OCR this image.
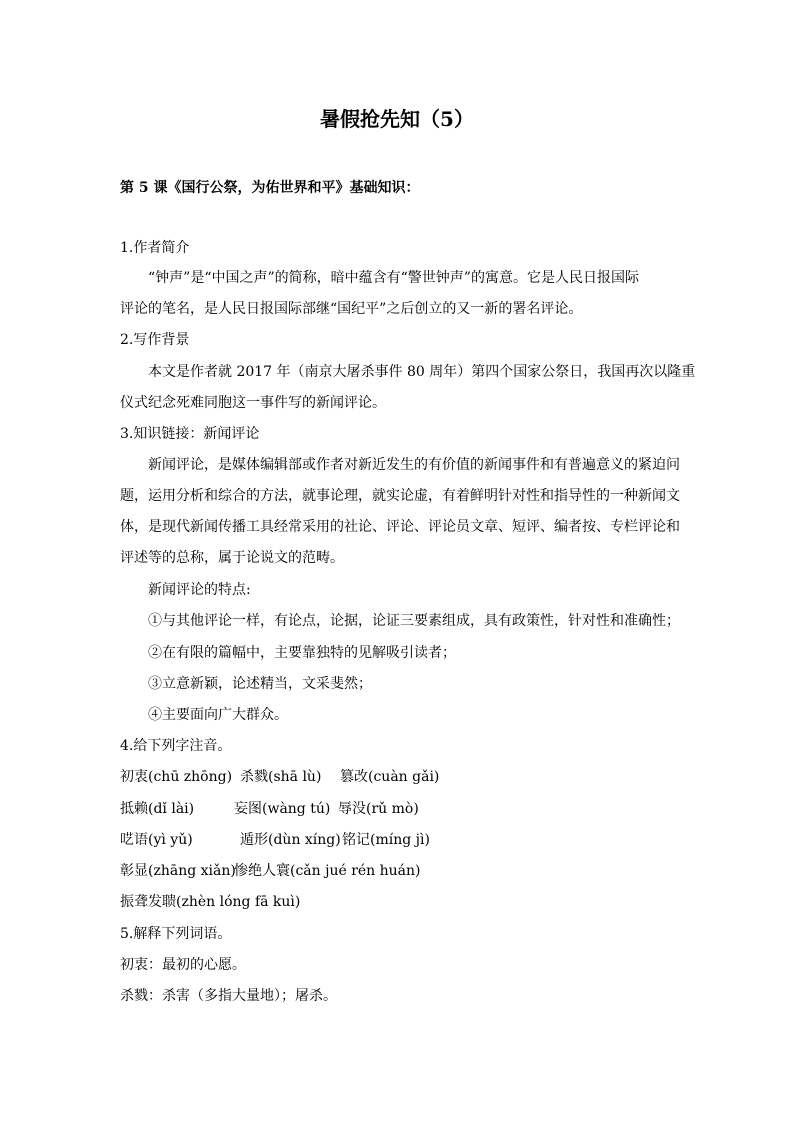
暑假抢先知（5）
第 5 课《国行公祭，为佑世界和平》基础知识：
1.作者简介
“钟声”是“中国之声”的简称，暗中蕴含有“警世钟声”的寓意。它是人民日报国际
评论的笔名，是人民日报国际部继“国纪平”之后创立的又一新的署名评论。
2.写作背景
本文是作者就 2017 年（南京大屠杀事件 80 周年）第四个国家公祭日，我国再次以隆重
仪式纪念死难同胞这一事件写的新闻评论。
3.知识链接：新闻评论
新闻评论，是媒体编辑部或作者对新近发生的有价值的新闻事件和有普遍意义的紧迫问
题，运用分析和综合的方法，就事论理，就实论虚，有着鲜明针对性和指导性的一种新闻文
体，是现代新闻传播工具经常采用的社论、评论、评论员文章、短评、编者按、专栏评论和
评述等的总称，属于论说文的范畴。
新闻评论的特点:
①与其他评论一样，有论点，论据，论证三要素组成，具有政策性，针对性和准确性；
②在有限的篇幅中，主要靠独特的见解吸引读者；
③立意新颖，论述精当，文采斐然；
④主要面向广大群众。
4.给下列字注音。
初衷(chū zhōng) 杀戮(shā lù) 篡改(cuàn gǎi)
抵赖(dǐ lài)	妄图(wàng tú) 辱没(rǔ mò)
呓语(yì yǔ)	遁形(dùn xíng) 铭记(míng jì)
彰显(zhāng xiǎn)
惨绝人寰(cǎn jué rén huán)
振聋发聩(zhèn lóng fā kuì)
5.解释下列词语。
初衷：最初的心愿。
杀戮：杀害（多指大量地）；屠杀。
